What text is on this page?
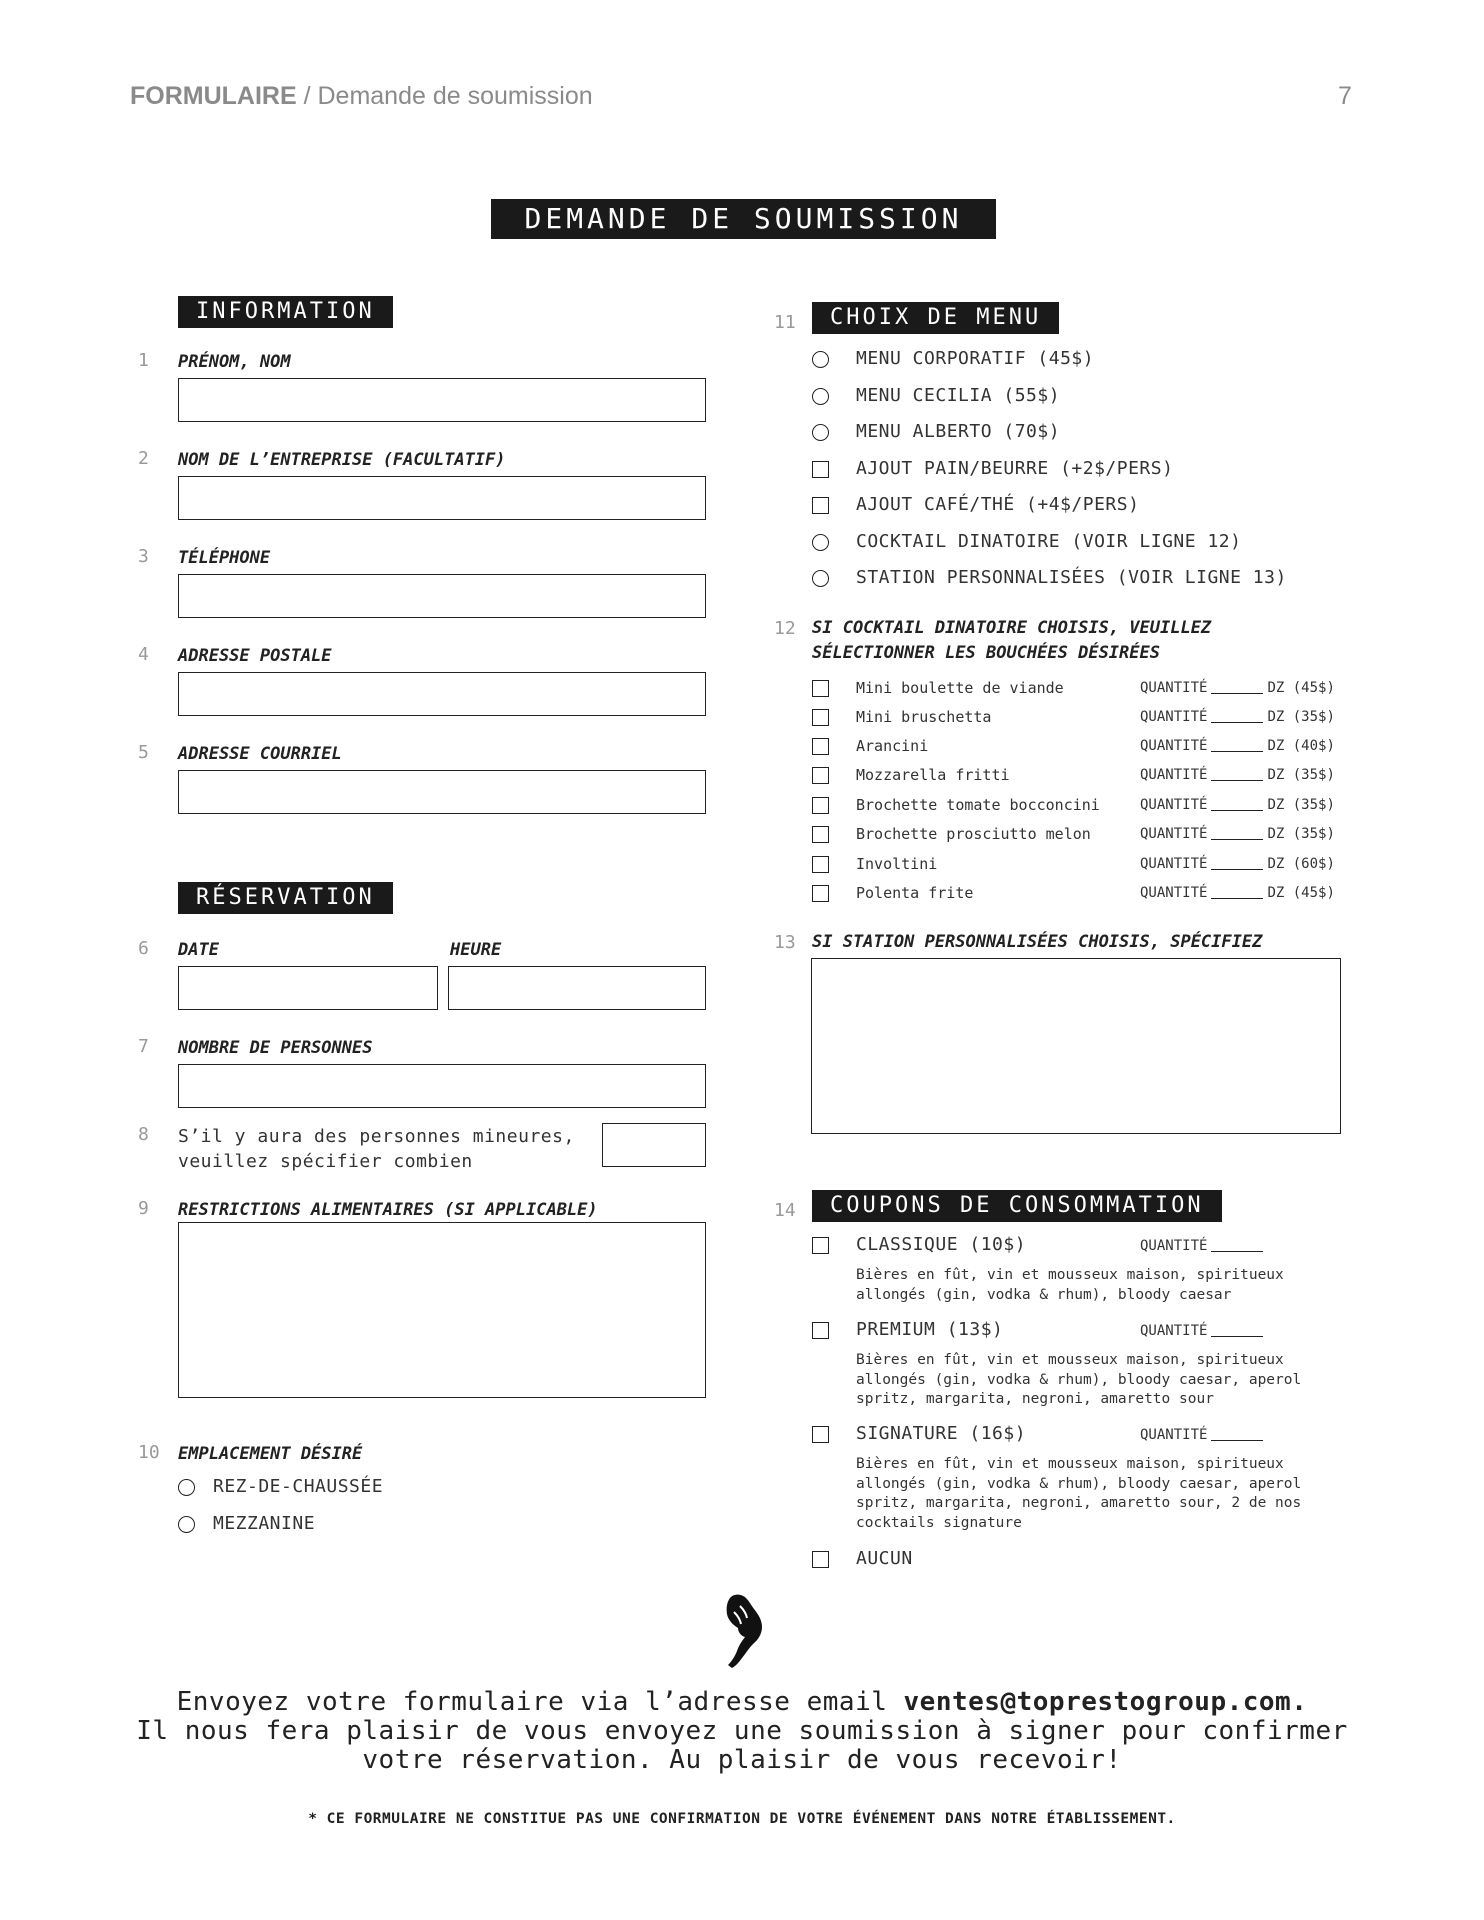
FORMULAIRE / Demande de soumission	7
DEMANDE DE SOUMISSION
INFORMATION
1 PRÉNOM, NOM
2 NOM DE L’ENTREPRISE (FACULTATIF)
3 TÉLÉPHONE
4 ADRESSE POSTALE
5 ADRESSE COURRIEL
RÉSERVATION
6 DATE	HEURE
7 NOMBRE DE PERSONNES
8 S’il y aura des personnes mineures,
veuillez spécifier combien
9 RESTRICTIONS ALIMENTAIRES (SI APPLICABLE)
10 EMPLACEMENT DÉSIRÉ
REZ-DE-CHAUSSÉE
MEZZANINE
11	CHOIX DE MENU
MENU CORPORATIF (45$)
MENU CECILIA (55$)
MENU ALBERTO (70$)
AJOUT PAIN/BEURRE (+2$/PERS)
AJOUT CAFÉ/THÉ (+4$/PERS)
COCKTAIL DINATOIRE (VOIR LIGNE 12)
STATION PERSONNALISÉES (VOIR LIGNE 13)
12 SI COCKTAIL DINATOIRE CHOISIS, VEUILLEZ
SÉLECTIONNER LES BOUCHÉES DÉSIRÉES
Mini boulette de viande	QUANTITÉ	DZ (45$)
Mini bruschetta	QUANTITÉ	DZ (35$)
Arancini	QUANTITÉ	DZ (40$)
Mozzarella fritti	QUANTITÉ	DZ (35$)
Brochette tomate bocconcini	QUANTITÉ	DZ (35$)
Brochette prosciutto melon	QUANTITÉ	DZ (35$)
Involtini	QUANTITÉ	DZ (60$)
Polenta frite	QUANTITÉ	DZ (45$)
13 SI STATION PERSONNALISÉES CHOISIS, SPÉCIFIEZ
14	COUPONS DE CONSOMMATION
CLASSIQUE (10$)	QUANTITÉ
Bières en fût, vin et mousseux maison, spiritueux
allongés (gin, vodka & rhum), bloody caesar
PREMIUM (13$)	QUANTITÉ
Bières en fût, vin et mousseux maison, spiritueux
allongés (gin, vodka & rhum), bloody caesar, aperol
spritz, margarita, negroni, amaretto sour
SIGNATURE (16$)	QUANTITÉ
Bières en fût, vin et mousseux maison, spiritueux
allongés (gin, vodka & rhum), bloody caesar, aperol
spritz, margarita, negroni, amaretto sour, 2 de nos
cocktails signature
AUCUN
Envoyez votre formulaire via l’adresse email ventes@toprestogroup.com.
Il nous fera plaisir de vous envoyez une soumission à signer pour confirmer
votre réservation. Au plaisir de vous recevoir!
* CE FORMULAIRE NE CONSTITUE PAS UNE CONFIRMATION DE VOTRE ÉVÉNEMENT DANS NOTRE ÉTABLISSEMENT.
